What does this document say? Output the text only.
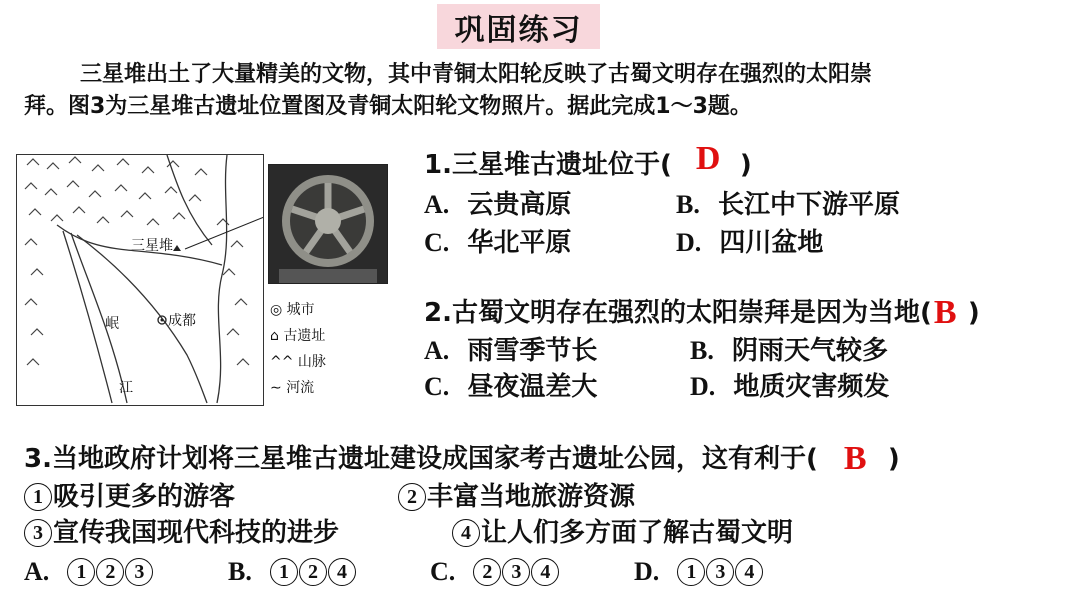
巩固练习
三星堆出土了大量精美的文物，其中青铜太阳轮反映了古蜀文明存在强烈的太阳崇
拜。图3为三星堆古遗址位置图及青铜太阳轮文物照片。据此完成1～3题。
三星堆
成都
岷
江
◎ 城市
⌂ 古遗址
^^ 山脉
∼ 河流
1.三星堆古遗址位于( D )
A. 云贵高原	B. 长江中下游平原
C. 华北平原	D. 四川盆地
2.古蜀文明存在强烈的太阳崇拜是因为当地( B )
A. 雨雪季节长	B. 阴雨天气较多
C. 昼夜温差大	D. 地质灾害频发
3.当地政府计划将三星堆古遗址建设成国家考古遗址公园，这有利于( B )
1 吸引更多的游客	2 丰富当地旅游资源
3 宣传我国现代科技的进步	4 让人们多方面了解古蜀文明
A. 1 2 3	B. 1 2 4	C. 2 3 4	D. 1 3 4
